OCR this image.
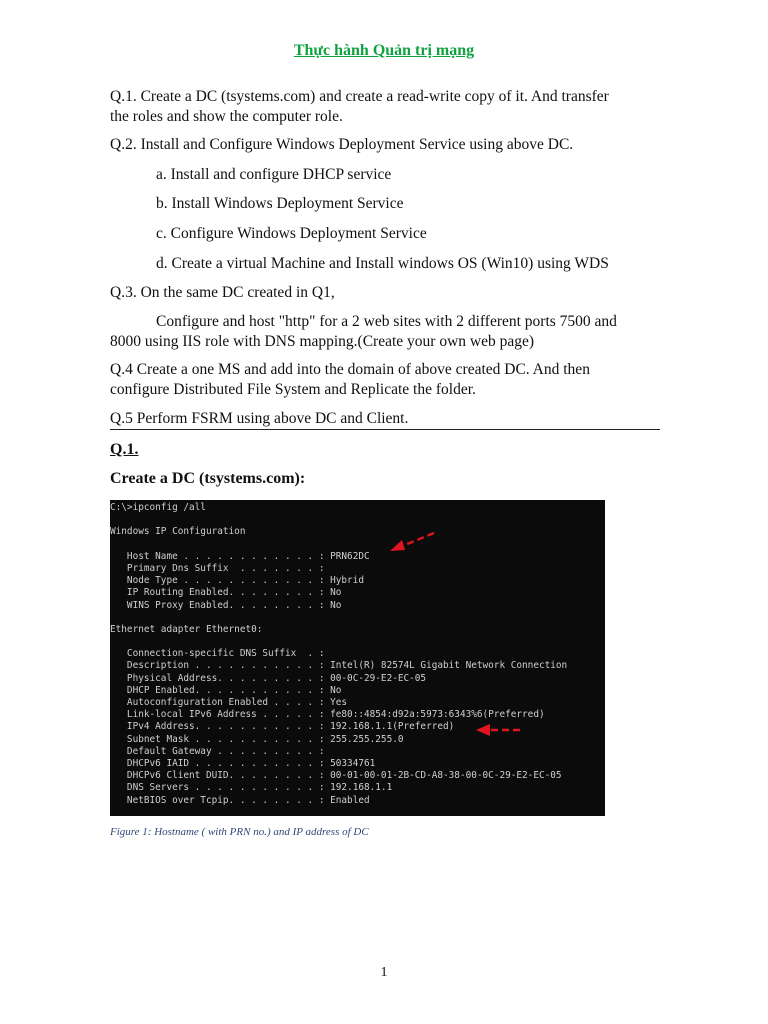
Thực hành Quản trị mạng
Q.1. Create a DC (tsystems.com) and create a read-write copy of it. And transfer
the roles and show the computer role.
Q.2. Install and Configure Windows Deployment Service using above DC.
a. Install and configure DHCP service
b. Install Windows Deployment Service
c. Configure Windows Deployment Service
d. Create a virtual Machine and Install windows OS (Win10) using WDS
Q.3. On the same DC created in Q1,
Configure and host "http" for a 2 web sites with 2 different ports 7500 and
8000 using IIS role with DNS mapping.(Create your own web page)
Q.4 Create a one MS and add into the domain of above created DC. And then
configure Distributed File System and Replicate the folder.
Q.5 Perform FSRM using above DC and Client.
Q.1.
Create a DC (tsystems.com):
C:\>ipconfig /all
Windows IP Configuration
Host Name . . . . . . . . . . . . : PRN62DC
Primary Dns Suffix  . . . . . . . :
Node Type . . . . . . . . . . . . : Hybrid
IP Routing Enabled. . . . . . . . : No
WINS Proxy Enabled. . . . . . . . : No
Ethernet adapter Ethernet0:
Connection-specific DNS Suffix  . :
Description . . . . . . . . . . . : Intel(R) 82574L Gigabit Network Connection
Physical Address. . . . . . . . . : 00-0C-29-E2-EC-05
DHCP Enabled. . . . . . . . . . . : No
Autoconfiguration Enabled . . . . : Yes
Link-local IPv6 Address . . . . . : fe80::4854:d92a:5973:6343%6(Preferred)
IPv4 Address. . . . . . . . . . . : 192.168.1.1(Preferred)
Subnet Mask . . . . . . . . . . . : 255.255.255.0
Default Gateway . . . . . . . . . :
DHCPv6 IAID . . . . . . . . . . . : 50334761
DHCPv6 Client DUID. . . . . . . . : 00-01-00-01-2B-CD-A8-38-00-0C-29-E2-EC-05
DNS Servers . . . . . . . . . . . : 192.168.1.1
NetBIOS over Tcpip. . . . . . . . : Enabled
Figure 1: Hostname ( with PRN no.) and IP address of DC
1
